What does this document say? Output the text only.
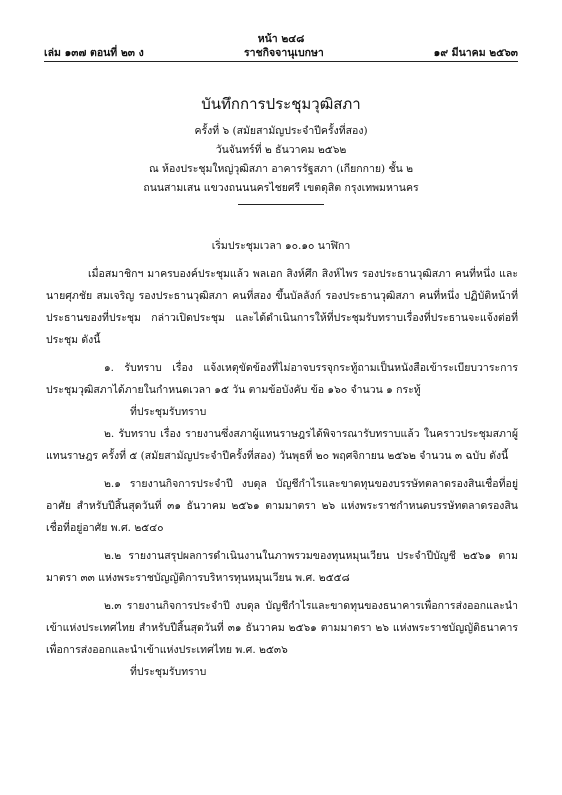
หน้า ๒๔๘
เล่ม ๑๓๗ ตอนที่ ๒๓ ง	ราชกิจจานุเบกษา	๑๙ มีนาคม ๒๕๖๓
บันทึกการประชุมวุฒิสภา

ครั้งที่ ๖ (สมัยสามัญประจำปีครั้งที่สอง)

วันจันทร์ที่ ๒ ธันวาคม ๒๕๖๒

ณ ห้องประชุมใหญ่วุฒิสภา อาคารรัฐสภา (เกียกกาย) ชั้น ๒

ถนนสามเสน แขวงถนนนครไชยศรี เขตดุสิต กรุงเทพมหานคร

เริ่มประชุมเวลา ๑๐.๑๐ นาฬิกา

เมื่อสมาชิกฯ มาครบองค์ประชุมแล้ว พลเอก สิงห์ศึก สิงห์ไพร รองประธานวุฒิสภา คนที่หนึ่ง และนายศุภชัย สมเจริญ รองประธานวุฒิสภา คนที่สอง ขึ้นบัลลังก์ รองประธานวุฒิสภา คนที่หนึ่ง ปฏิบัติหน้าที่ประธานของที่ประชุม กล่าวเปิดประชุม และได้ดำเนินการให้ที่ประชุมรับทราบเรื่องที่ประธานจะแจ้งต่อที่ประชุม ดังนี้

๑. รับทราบ เรื่อง แจ้งเหตุขัดข้องที่ไม่อาจบรรจุกระทู้ถามเป็นหนังสือเข้าระเบียบวาระการประชุมวุฒิสภาได้ภายในกำหนดเวลา ๑๕ วัน ตามข้อบังคับ ข้อ ๑๖๐ จำนวน ๑ กระทู้

ที่ประชุมรับทราบ

๒. รับทราบ เรื่อง รายงานซึ่งสภาผู้แทนราษฎรได้พิจารณารับทราบแล้ว ในคราวประชุมสภาผู้แทนราษฎร ครั้งที่ ๕ (สมัยสามัญประจำปีครั้งที่สอง) วันพุธที่ ๒๐ พฤศจิกายน ๒๕๖๒ จำนวน ๓ ฉบับ ดังนี้

๒.๑ รายงานกิจการประจำปี งบดุล บัญชีกำไรและขาดทุนของบรรษัทตลาดรองสินเชื่อที่อยู่อาศัย สำหรับปีสิ้นสุดวันที่ ๓๑ ธันวาคม ๒๕๖๑ ตามมาตรา ๒๖ แห่งพระราชกำหนดบรรษัทตลาดรองสินเชื่อที่อยู่อาศัย พ.ศ. ๒๕๔๐

๒.๒ รายงานสรุปผลการดำเนินงานในภาพรวมของทุนหมุนเวียน ประจำปีบัญชี ๒๕๖๑ ตามมาตรา ๓๓ แห่งพระราชบัญญัติการบริหารทุนหมุนเวียน พ.ศ. ๒๕๕๘

๒.๓ รายงานกิจการประจำปี งบดุล บัญชีกำไรและขาดทุนของธนาคารเพื่อการส่งออกและนำเข้าแห่งประเทศไทย สำหรับปีสิ้นสุดวันที่ ๓๑ ธันวาคม ๒๕๖๑ ตามมาตรา ๒๖ แห่งพระราชบัญญัติธนาคารเพื่อการส่งออกและนำเข้าแห่งประเทศไทย พ.ศ. ๒๕๓๖

ที่ประชุมรับทราบ
